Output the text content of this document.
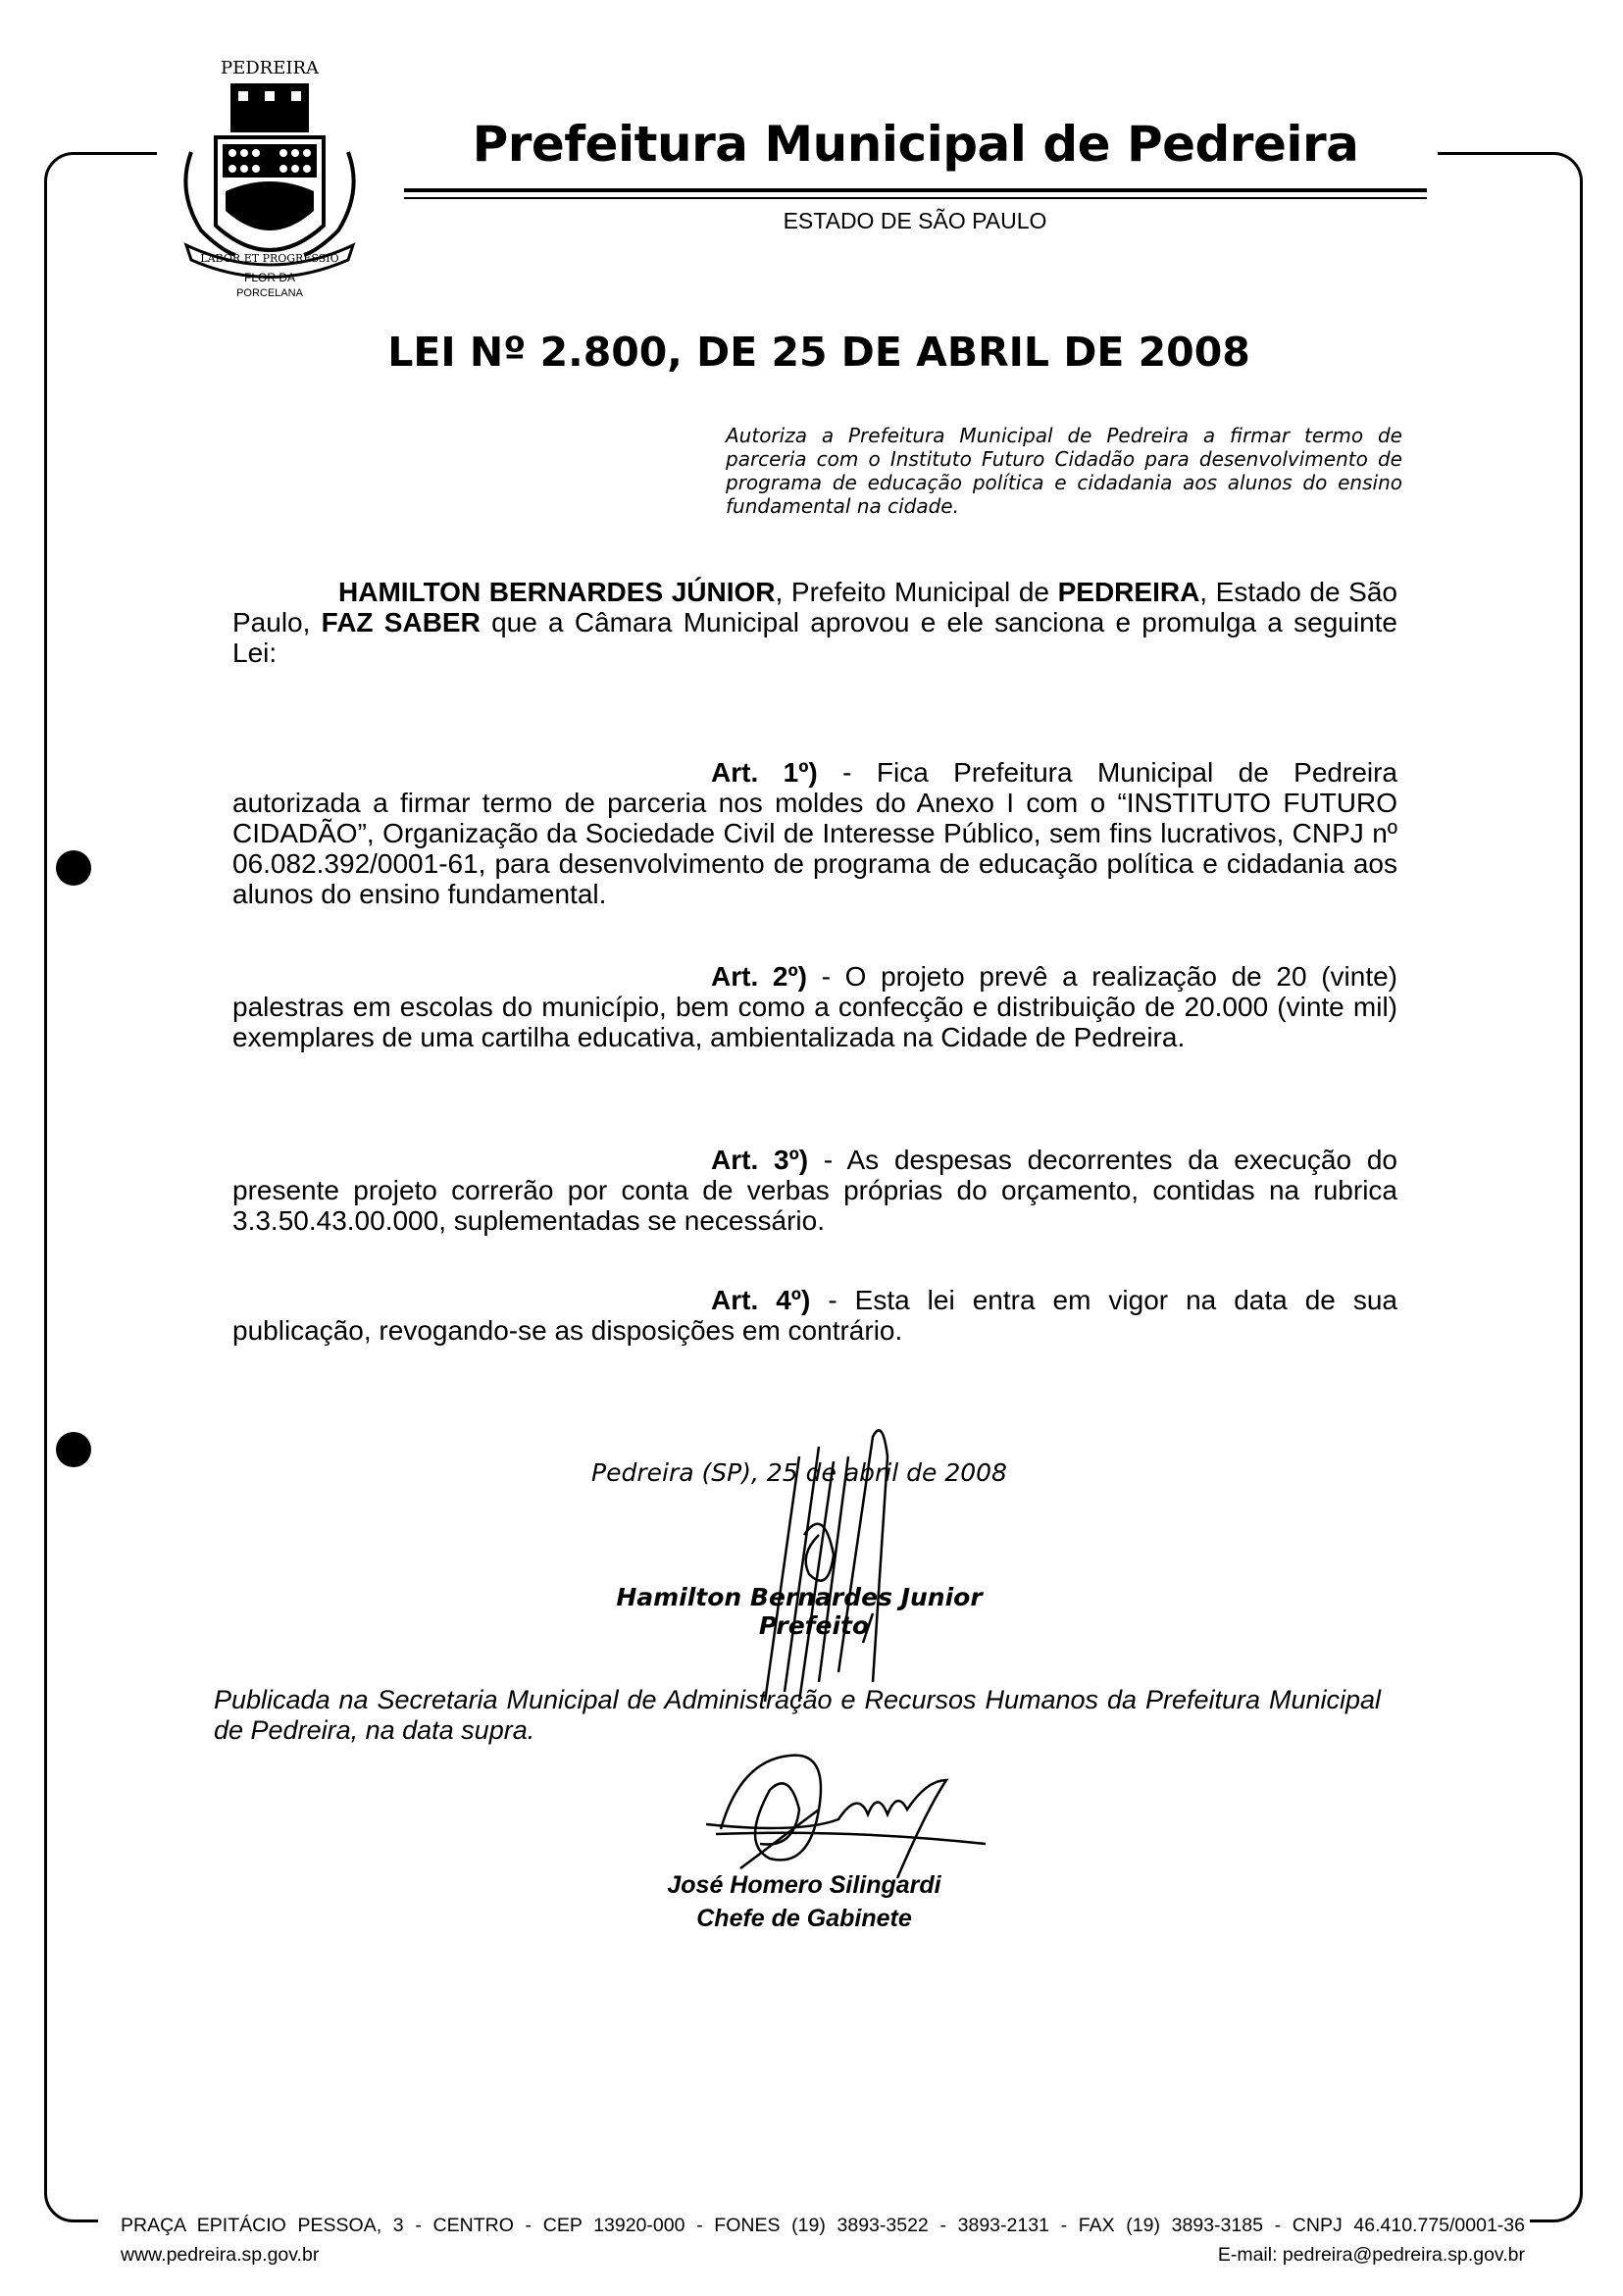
PEDREIRA
LABOR ET PROGRESSIO
FLOR DA
PORCELANA
Prefeitura Municipal de Pedreira
ESTADO DE SÃO PAULO
LEI Nº 2.800, DE 25 DE ABRIL DE 2008
Autoriza a Prefeitura Municipal de Pedreira a firmar termo de parceria com o Instituto Futuro Cidadão para desenvolvimento de programa de educação política e cidadania aos alunos do ensino fundamental na cidade.
HAMILTON BERNARDES JÚNIOR, Prefeito Municipal de PEDREIRA, Estado de São Paulo, FAZ SABER que a Câmara Municipal aprovou e ele sanciona e promulga a seguinte Lei:
Art. 1º) - Fica Prefeitura Municipal de Pedreira autorizada a firmar termo de parceria nos moldes do Anexo I com o “INSTITUTO FUTURO CIDADÃO”, Organização da Sociedade Civil de Interesse Público, sem fins lucrativos, CNPJ nº 06.082.392/0001-61, para desenvolvimento de programa de educação política e cidadania aos alunos do ensino fundamental.
Art. 2º) - O projeto prevê a realização de 20 (vinte) palestras em escolas do município, bem como a confecção e distribuição de 20.000 (vinte mil) exemplares de uma cartilha educativa, ambientalizada na Cidade de Pedreira.
Art. 3º) - As despesas decorrentes da execução do presente projeto correrão por conta de verbas próprias do orçamento, contidas na rubrica 3.3.50.43.00.000, suplementadas se necessário.
Art. 4º) - Esta lei entra em vigor na data de sua publicação, revogando-se as disposições em contrário.
Pedreira (SP), 25 de abril de 2008
Hamilton Bernardes Junior
Prefeito
Publicada na Secretaria Municipal de Administração e Recursos Humanos da Prefeitura Municipal de Pedreira, na data supra.
José Homero Silingardi
Chefe de Gabinete
PRAÇA EPITÁCIO PESSOA, 3 - CENTRO - CEP 13920-000 - FONES (19) 3893-3522 - 3893-2131 - FAX (19) 3893-3185 - CNPJ 46.410.775/0001-36
www.pedreira.sp.gov.br	E-mail: pedreira@pedreira.sp.gov.br
